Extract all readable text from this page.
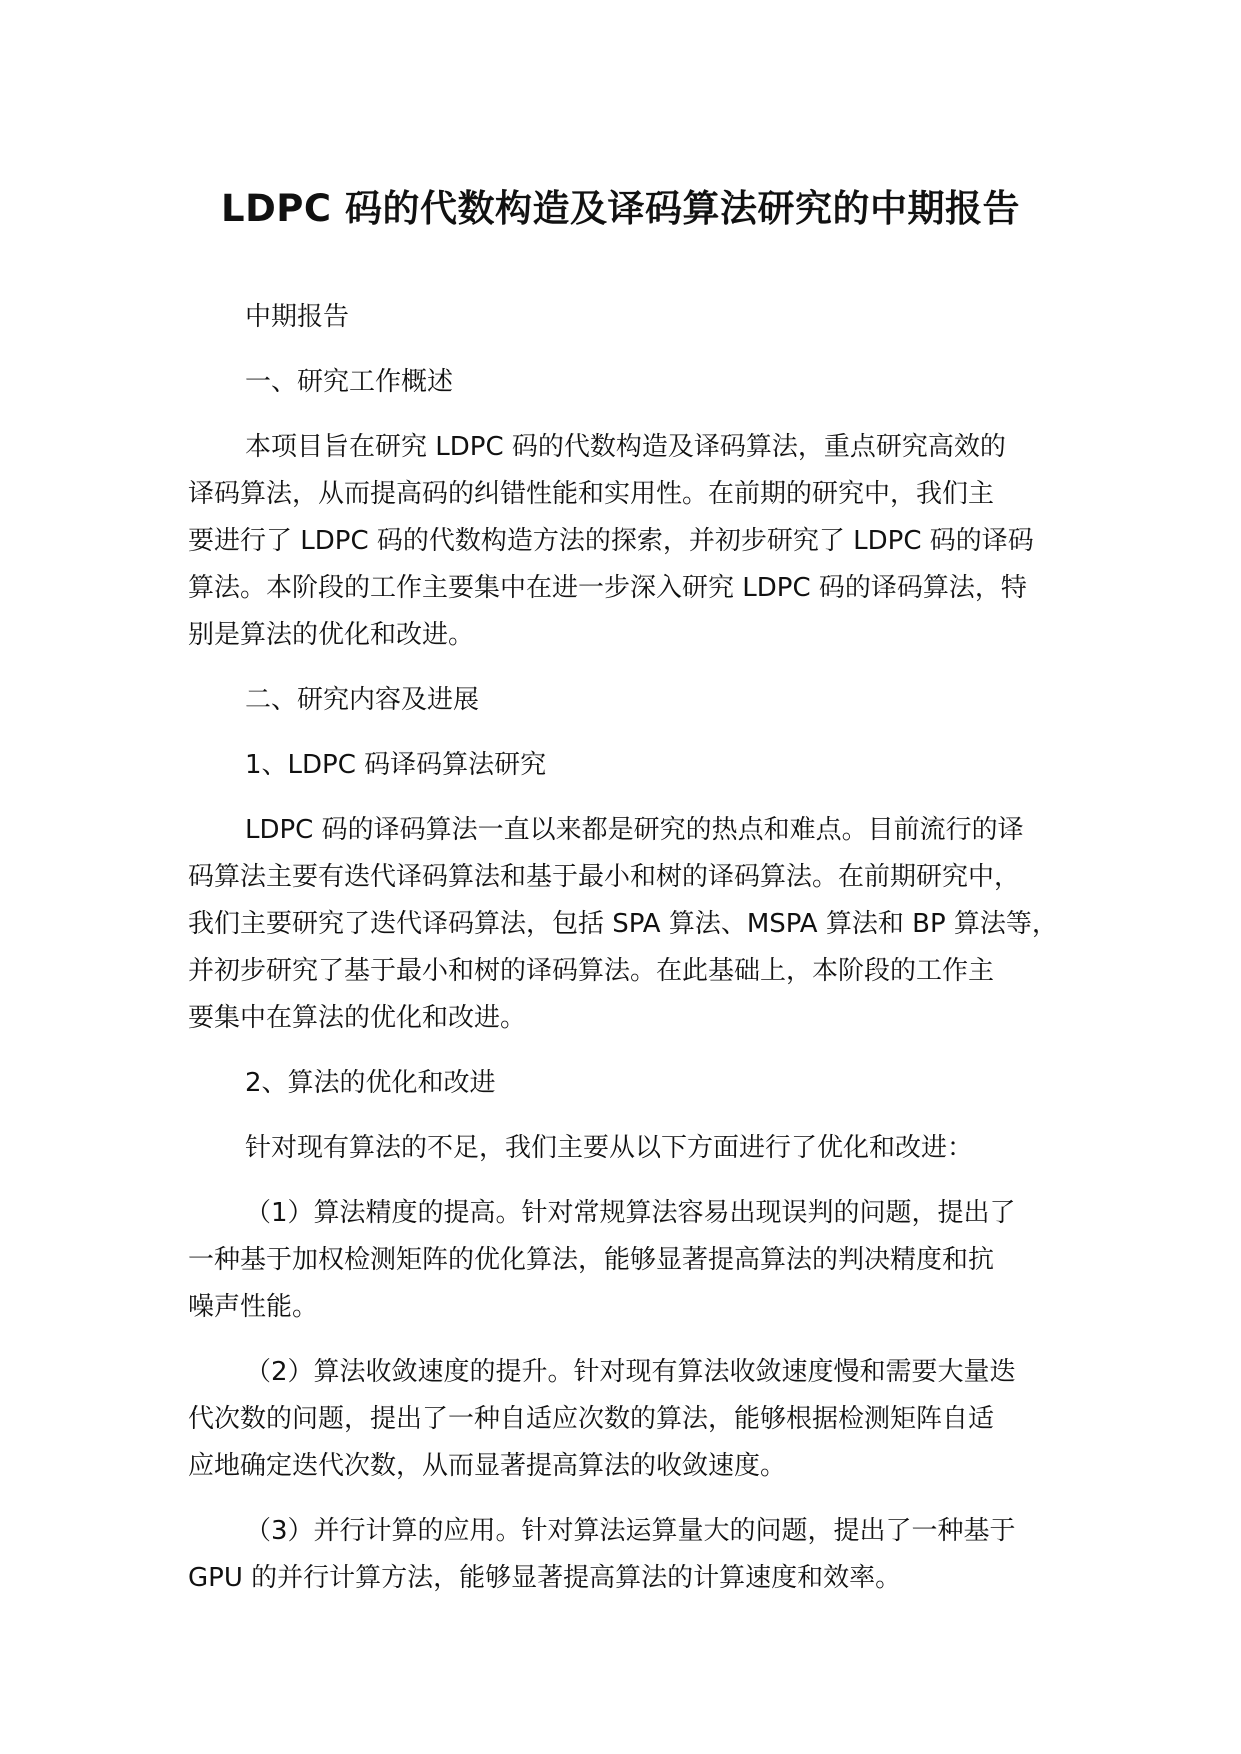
LDPC 码的代数构造及译码算法研究的中期报告

中期报告

一、研究工作概述

本项目旨在研究 LDPC 码的代数构造及译码算法，重点研究高效的

译码算法，从而提高码的纠错性能和实用性。在前期的研究中，我们主

要进行了 LDPC 码的代数构造方法的探索，并初步研究了 LDPC 码的译码

算法。本阶段的工作主要集中在进一步深入研究 LDPC 码的译码算法，特

别是算法的优化和改进。

二、研究内容及进展

1、LDPC 码译码算法研究

LDPC 码的译码算法一直以来都是研究的热点和难点。目前流行的译

码算法主要有迭代译码算法和基于最小和树的译码算法。在前期研究中，

我们主要研究了迭代译码算法，包括 SPA 算法、MSPA 算法和 BP 算法等，

并初步研究了基于最小和树的译码算法。在此基础上，本阶段的工作主

要集中在算法的优化和改进。

2、算法的优化和改进

针对现有算法的不足，我们主要从以下方面进行了优化和改进：

（1）算法精度的提高。针对常规算法容易出现误判的问题，提出了

一种基于加权检测矩阵的优化算法，能够显著提高算法的判决精度和抗

噪声性能。

（2）算法收敛速度的提升。针对现有算法收敛速度慢和需要大量迭

代次数的问题，提出了一种自适应次数的算法，能够根据检测矩阵自适

应地确定迭代次数，从而显著提高算法的收敛速度。

（3）并行计算的应用。针对算法运算量大的问题，提出了一种基于

GPU 的并行计算方法，能够显著提高算法的计算速度和效率。
